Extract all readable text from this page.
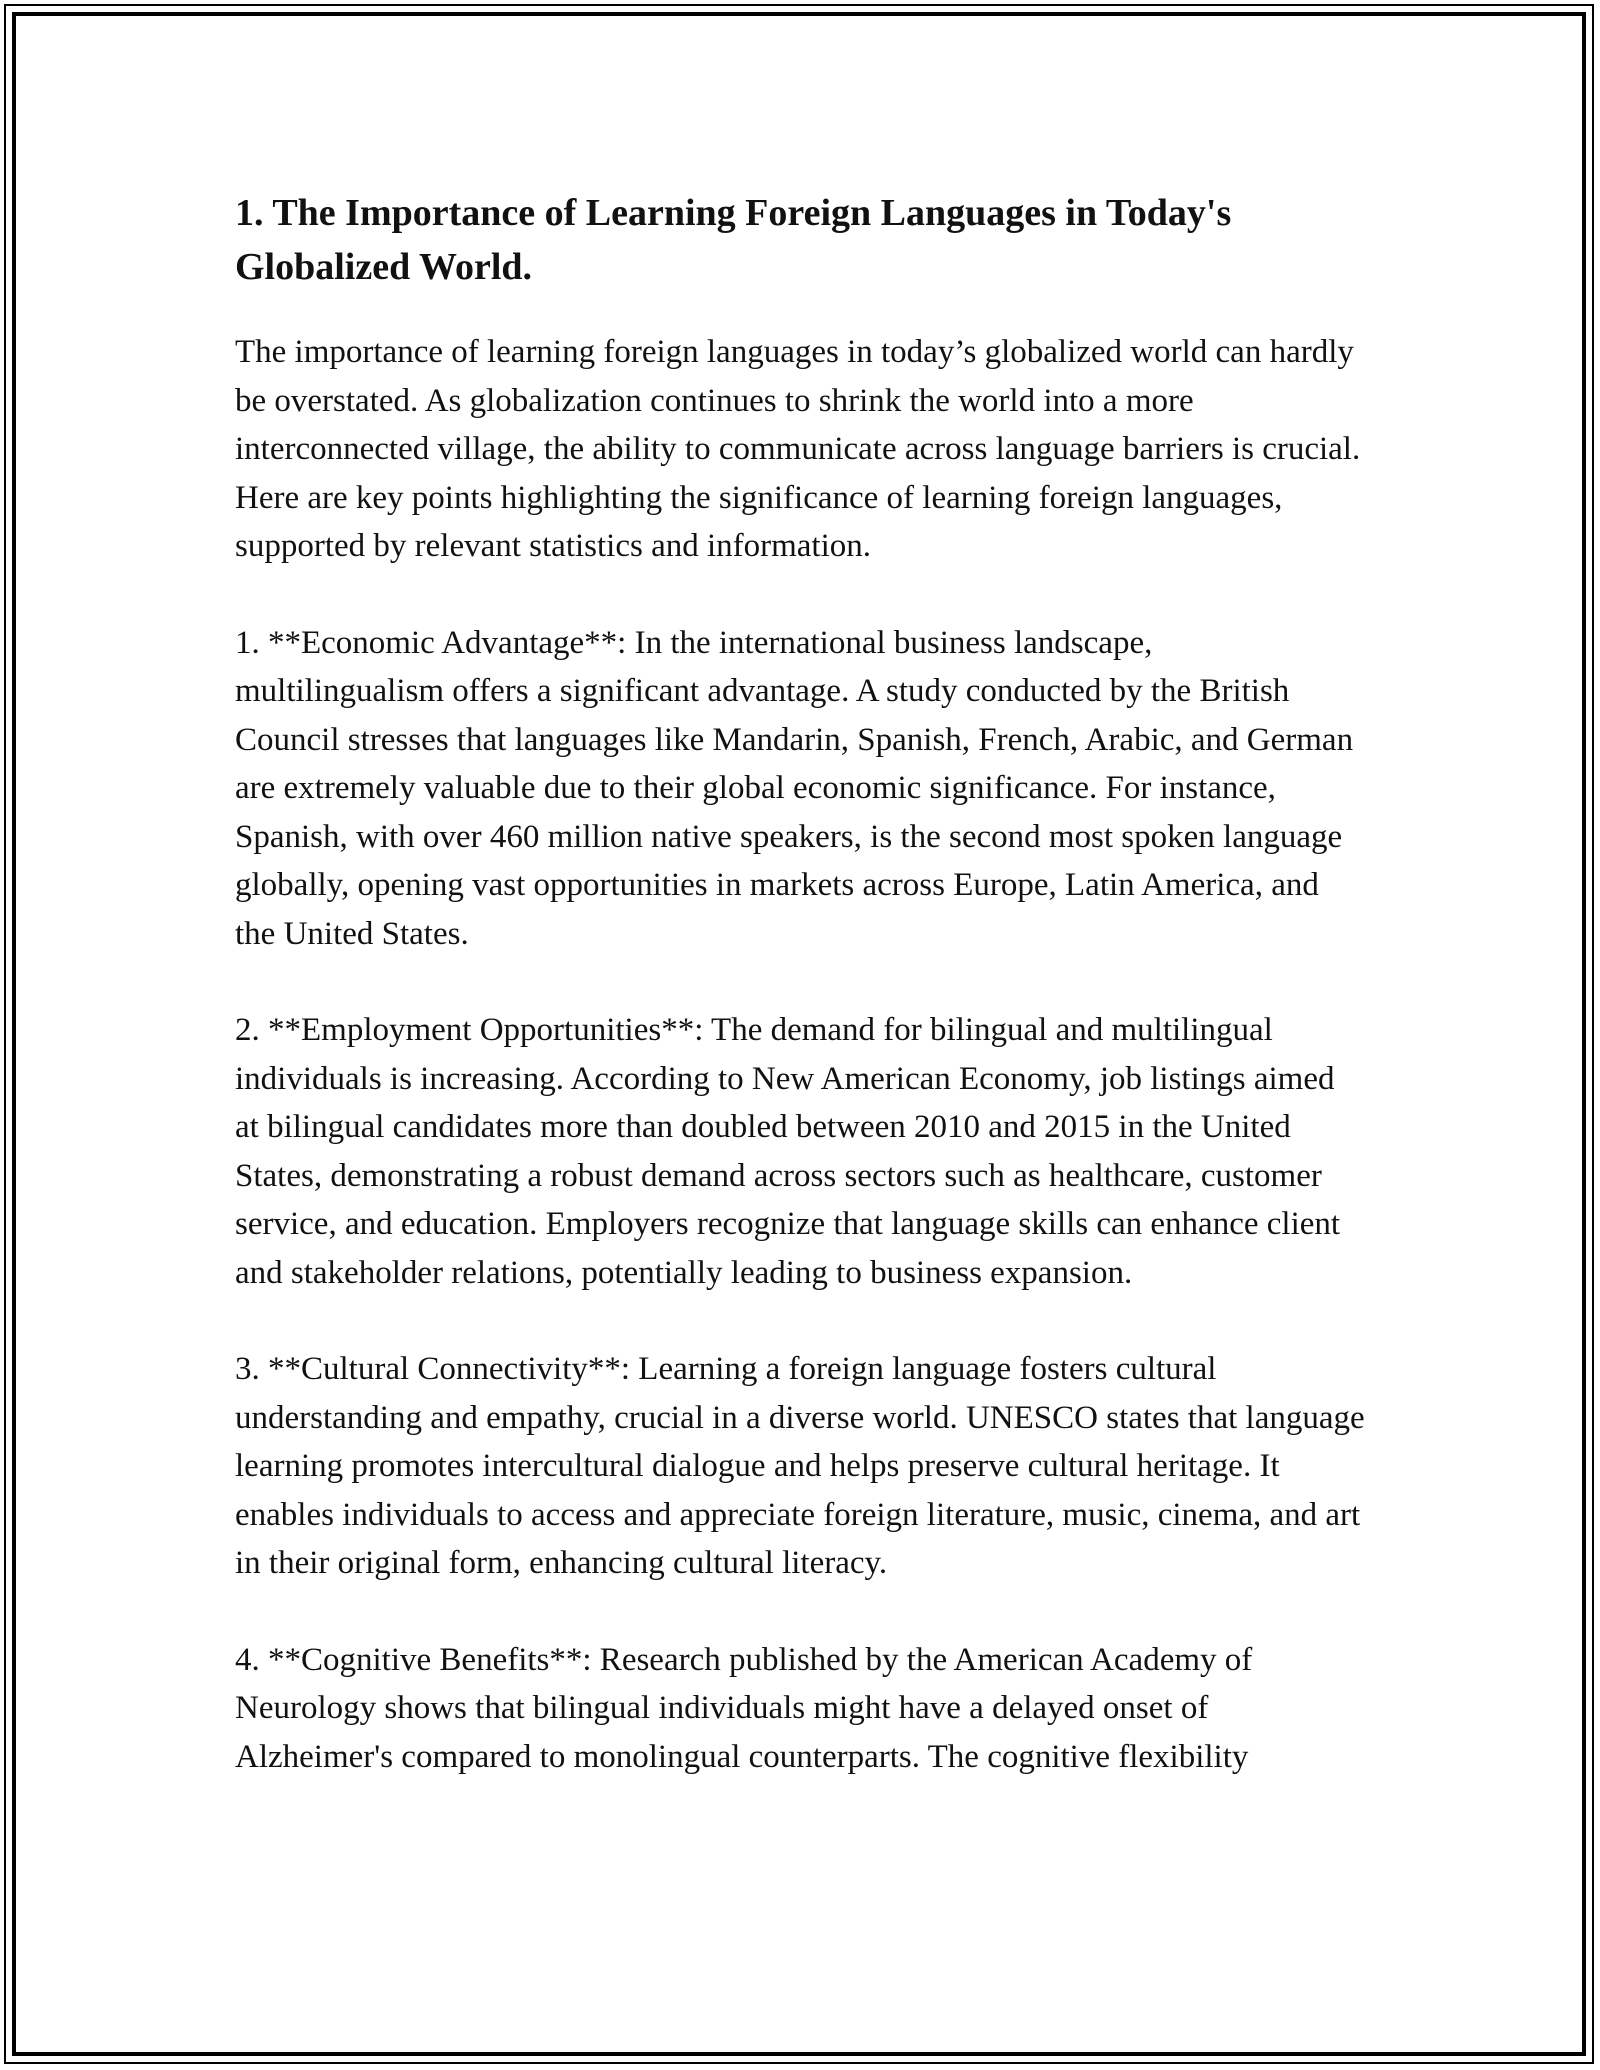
1. The Importance of Learning Foreign Languages in Today's Globalized World.

The importance of learning foreign languages in today’s globalized world can hardly be overstated. As globalization continues to shrink the world into a more interconnected village, the ability to communicate across language barriers is crucial. Here are key points highlighting the significance of learning foreign languages, supported by relevant statistics and information.

1. **Economic Advantage**: In the international business landscape, multilingualism offers a significant advantage. A study conducted by the British Council stresses that languages like Mandarin, Spanish, French, Arabic, and German are extremely valuable due to their global economic significance. For instance, Spanish, with over 460 million native speakers, is the second most spoken language globally, opening vast opportunities in markets across Europe, Latin America, and the United States.

2. **Employment Opportunities**: The demand for bilingual and multilingual individuals is increasing. According to New American Economy, job listings aimed at bilingual candidates more than doubled between 2010 and 2015 in the United States, demonstrating a robust demand across sectors such as healthcare, customer service, and education. Employers recognize that language skills can enhance client and stakeholder relations, potentially leading to business expansion.

3. **Cultural Connectivity**: Learning a foreign language fosters cultural understanding and empathy, crucial in a diverse world. UNESCO states that language learning promotes intercultural dialogue and helps preserve cultural heritage. It enables individuals to access and appreciate foreign literature, music, cinema, and art in their original form, enhancing cultural literacy.

4. **Cognitive Benefits**: Research published by the American Academy of Neurology shows that bilingual individuals might have a delayed onset of Alzheimer's compared to monolingual counterparts. The cognitive flexibility
